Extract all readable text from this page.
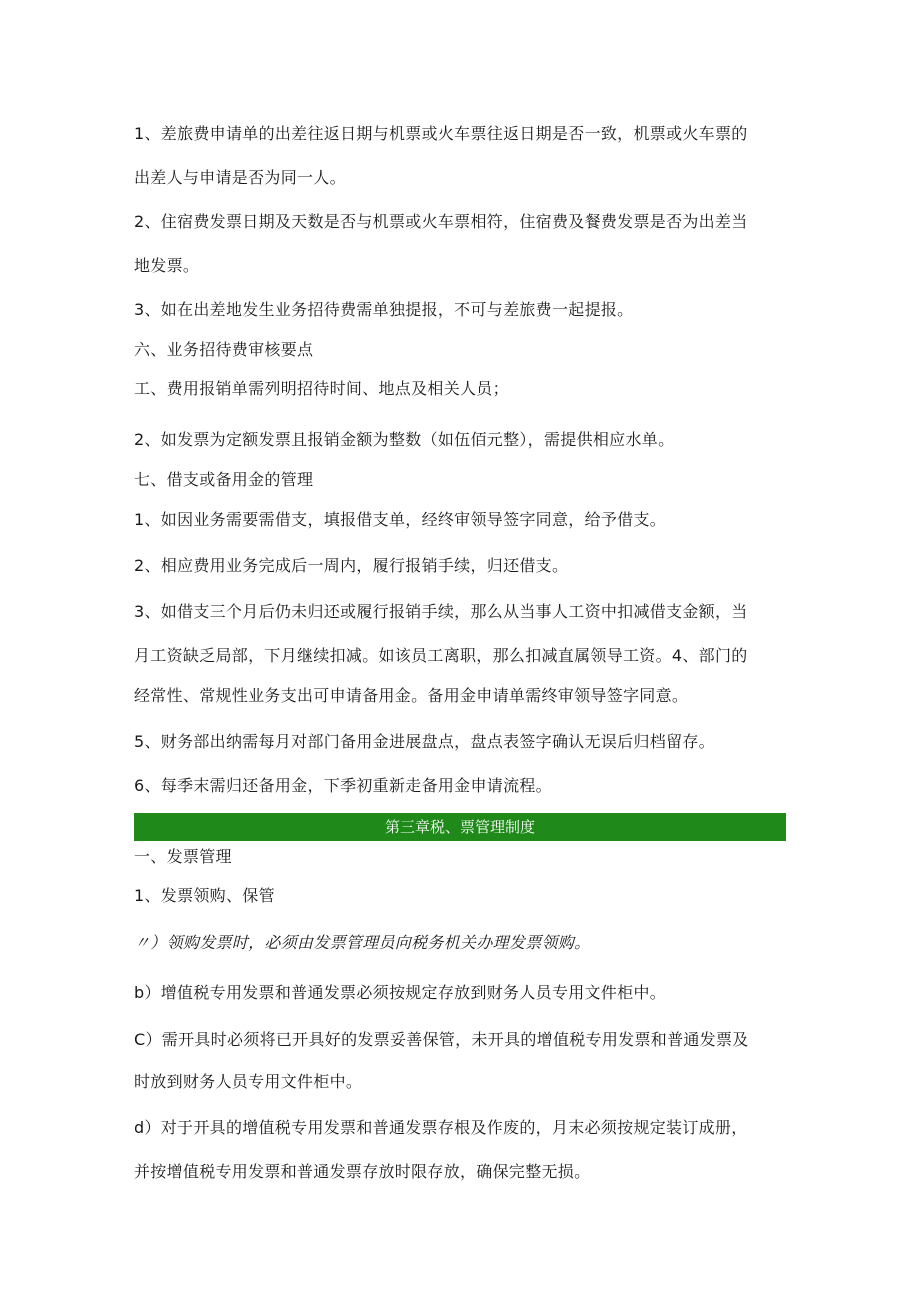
1、差旅费申请单的出差往返日期与机票或火车票往返日期是否一致，机票或火车票的
出差人与申请是否为同一人。
2、住宿费发票日期及天数是否与机票或火车票相符，住宿费及餐费发票是否为出差当
地发票。
3、如在出差地发生业务招待费需单独提报，不可与差旅费一起提报。
六、业务招待费审核要点
工、费用报销单需列明招待时间、地点及相关人员；
2、如发票为定额发票且报销金额为整数（如伍佰元整），需提供相应水单。
七、借支或备用金的管理
1、如因业务需要需借支，填报借支单，经终审领导签字同意，给予借支。
2、相应费用业务完成后一周内，履行报销手续，归还借支。
3、如借支三个月后仍未归还或履行报销手续，那么从当事人工资中扣减借支金额，当
月工资缺乏局部，下月继续扣减。如该员工离职，那么扣减直属领导工资。4、部门的
经常性、常规性业务支出可申请备用金。备用金申请单需终审领导签字同意。
5、财务部出纳需每月对部门备用金进展盘点，盘点表签字确认无误后归档留存。
6、每季末需归还备用金，下季初重新走备用金申请流程。
第三章税、票管理制度
一、发票管理
1、发票领购、保管
〃）领购发票时，必须由发票管理员向税务机关办理发票领购。
b）增值税专用发票和普通发票必须按规定存放到财务人员专用文件柜中。
C）需开具时必须将已开具好的发票妥善保管，未开具的增值税专用发票和普通发票及
时放到财务人员专用文件柜中。
d）对于开具的增值税专用发票和普通发票存根及作废的，月末必须按规定装订成册，
并按增值税专用发票和普通发票存放时限存放，确保完整无损。
